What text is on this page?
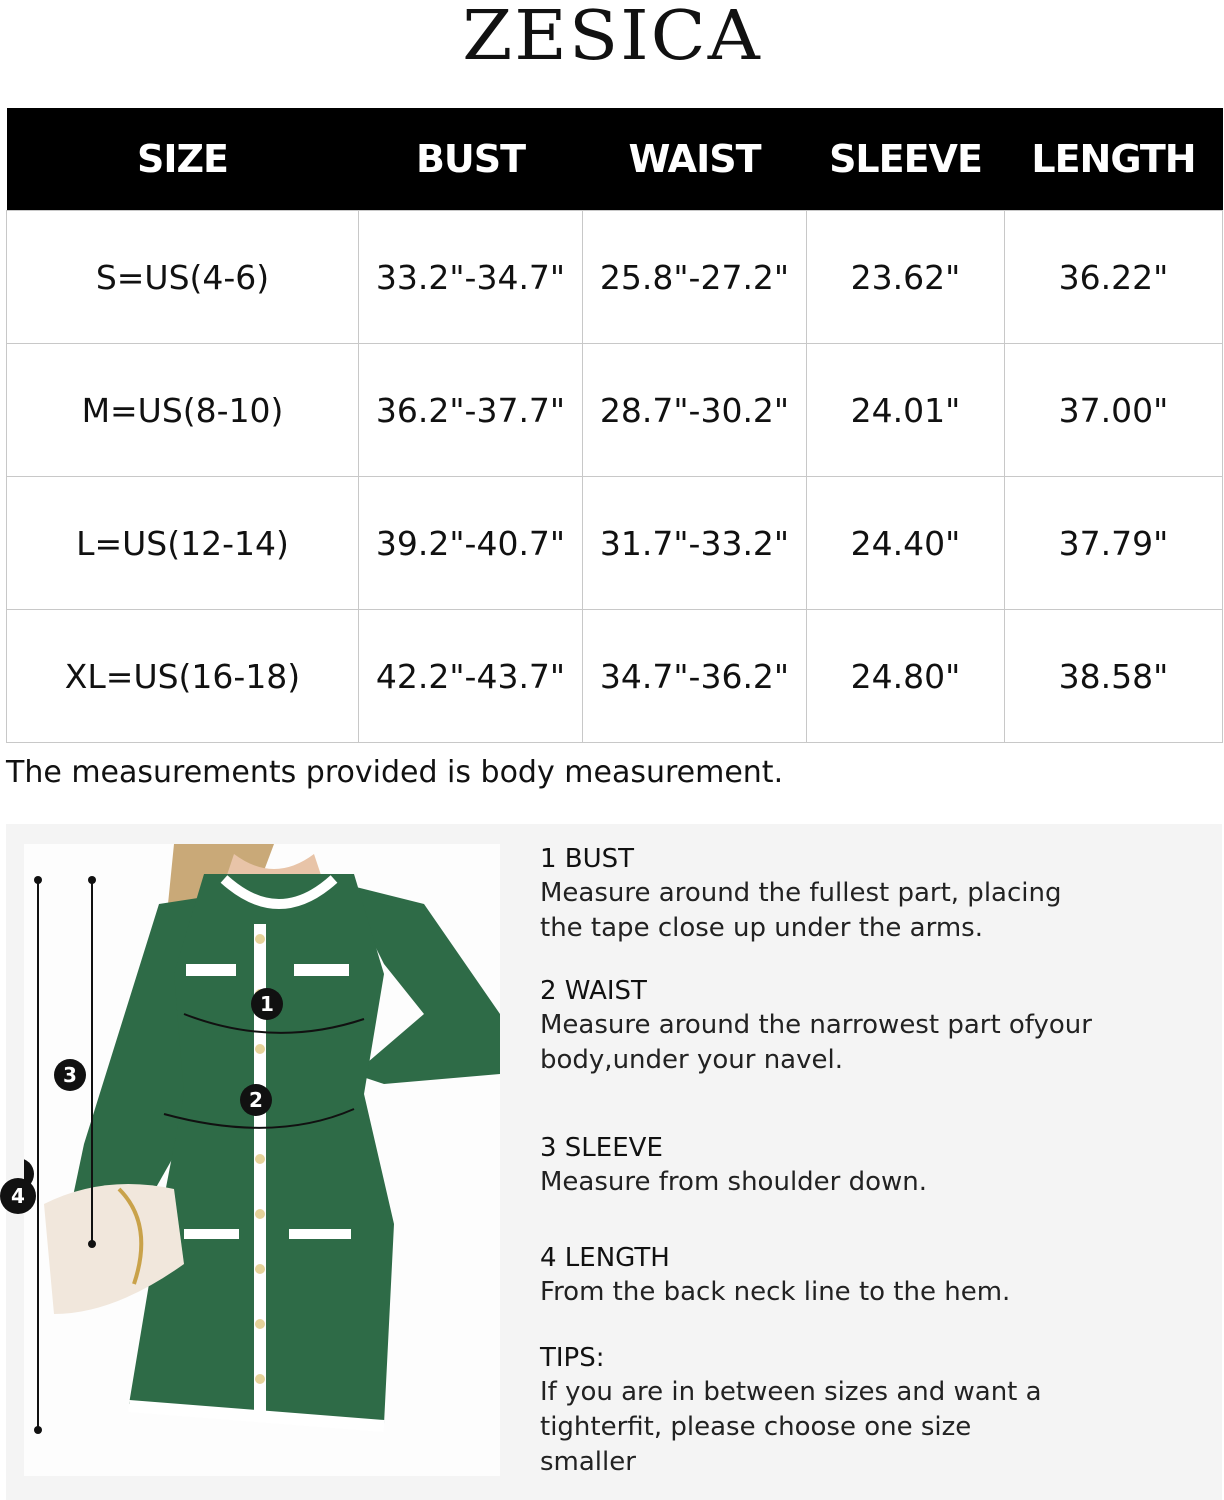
ZESICA
SIZE	BUST	WAIST	SLEEVE	LENGTH
S=US(4-6)	33.2"-34.7"	25.8"-27.2"	23.62"	36.22"
M=US(8-10)	36.2"-37.7"	28.7"-30.2"	24.01"	37.00"
L=US(12-14)	39.2"-40.7"	31.7"-33.2"	24.40"	37.79"
XL=US(16-18)	42.2"-43.7"	34.7"-36.2"	24.80"	38.58"
The measurements provided is body measurement.
1
2
3
4
1 BUST
Measure around the fullest part, placing
the tape close up under the arms.
2 WAIST
Measure around the narrowest part ofyour
body,under your navel.
3 SLEEVE
Measure from shoulder down.
4 LENGTH
From the back neck line to the hem.
TIPS:
If you are in between sizes and want a
tighterfit, please choose one size
smaller
